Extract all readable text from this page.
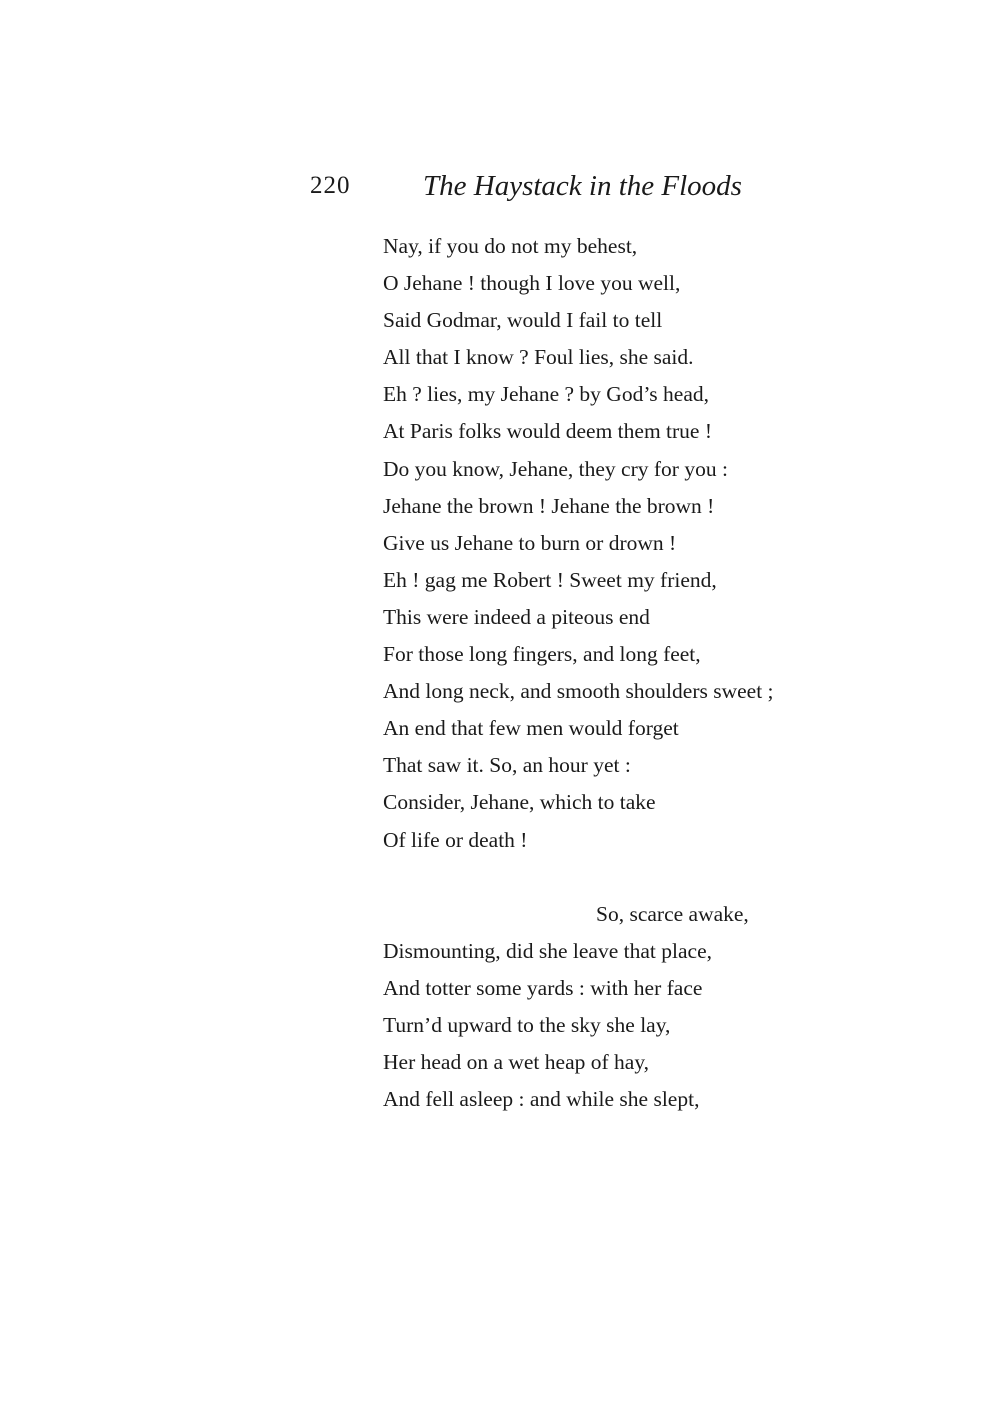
220	The Haystack in the Floods
Nay, if you do not my behest,
O Jehane ! though I love you well,
Said Godmar, would I fail to tell
All that I know ? Foul lies, she said.
Eh ? lies, my Jehane ? by God’s head,
At Paris folks would deem them true !
Do you know, Jehane, they cry for you :
Jehane the brown ! Jehane the brown !
Give us Jehane to burn or drown !
Eh ! gag me Robert ! Sweet my friend,
This were indeed a piteous end
For those long fingers, and long feet,
And long neck, and smooth shoulders sweet ;
An end that few men would forget
That saw it. So, an hour yet :
Consider, Jehane, which to take
Of life or death !
So, scarce awake,
Dismounting, did she leave that place,
And totter some yards : with her face
Turn’d upward to the sky she lay,
Her head on a wet heap of hay,
And fell asleep : and while she slept,
